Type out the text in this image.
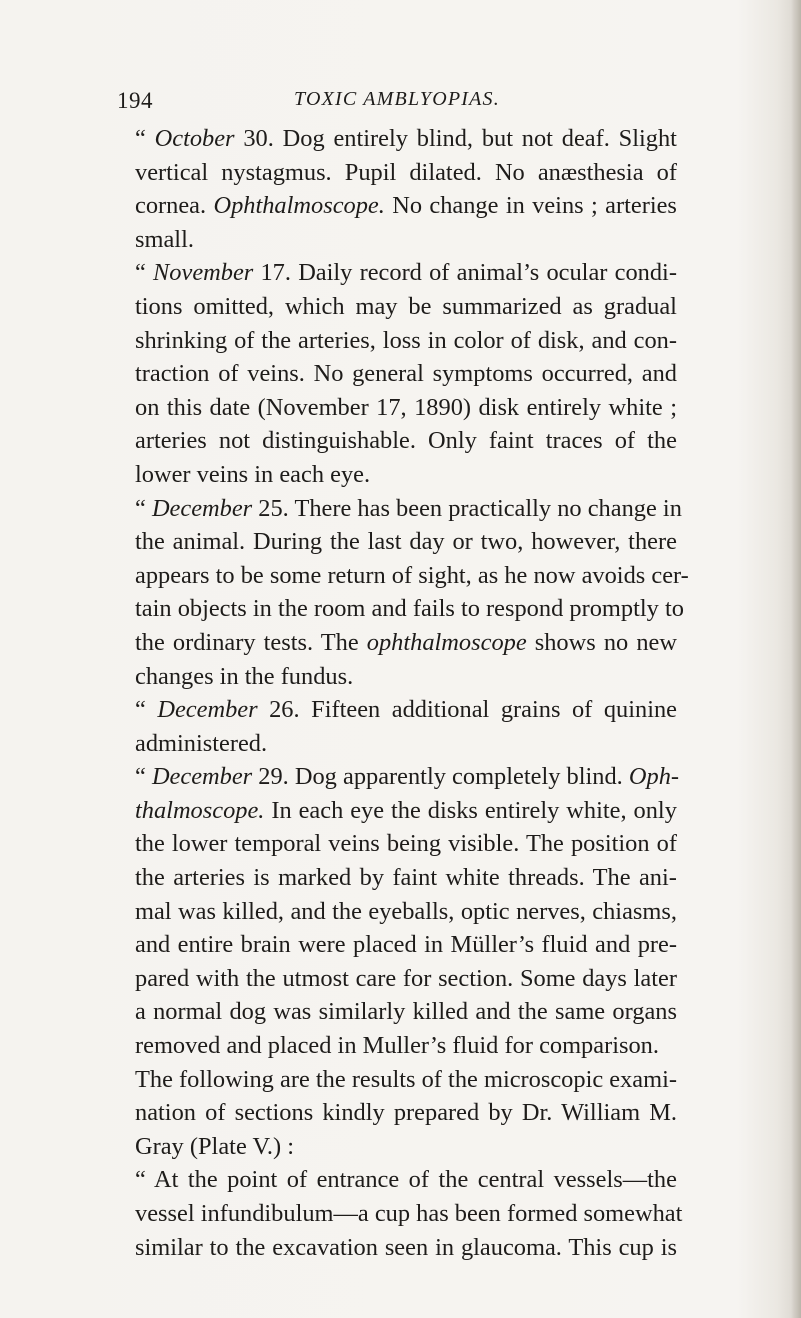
194	TOXIC AMBLYOPIAS.

“ October 30. Dog entirely blind, but not deaf. Slight
vertical nystagmus. Pupil dilated. No anæsthesia of
cornea. Ophthalmoscope. No change in veins ; arteries
small.

“ November 17. Daily record of animal’s ocular condi-
tions omitted, which may be summarized as gradual
shrinking of the arteries, loss in color of disk, and con-
traction of veins. No general symptoms occurred, and
on this date (November 17, 1890) disk entirely white ;
arteries not distinguishable. Only faint traces of the
lower veins in each eye.

“ December 25. There has been practically no change in
the animal. During the last day or two, however, there
appears to be some return of sight, as he now avoids cer-
tain objects in the room and fails to respond promptly to
the ordinary tests. The ophthalmoscope shows no new
changes in the fundus.

“ December 26. Fifteen additional grains of quinine
administered.

“ December 29. Dog apparently completely blind. Oph-
thalmoscope. In each eye the disks entirely white, only
the lower temporal veins being visible. The position of
the arteries is marked by faint white threads. The ani-
mal was killed, and the eyeballs, optic nerves, chiasms,
and entire brain were placed in Müller’s fluid and pre-
pared with the utmost care for section. Some days later
a normal dog was similarly killed and the same organs
removed and placed in Muller’s fluid for comparison.

The following are the results of the microscopic exami-
nation of sections kindly prepared by Dr. William M.
Gray (Plate V.) :

“ At the point of entrance of the central vessels—the
vessel infundibulum—a cup has been formed somewhat
similar to the excavation seen in glaucoma. This cup is
